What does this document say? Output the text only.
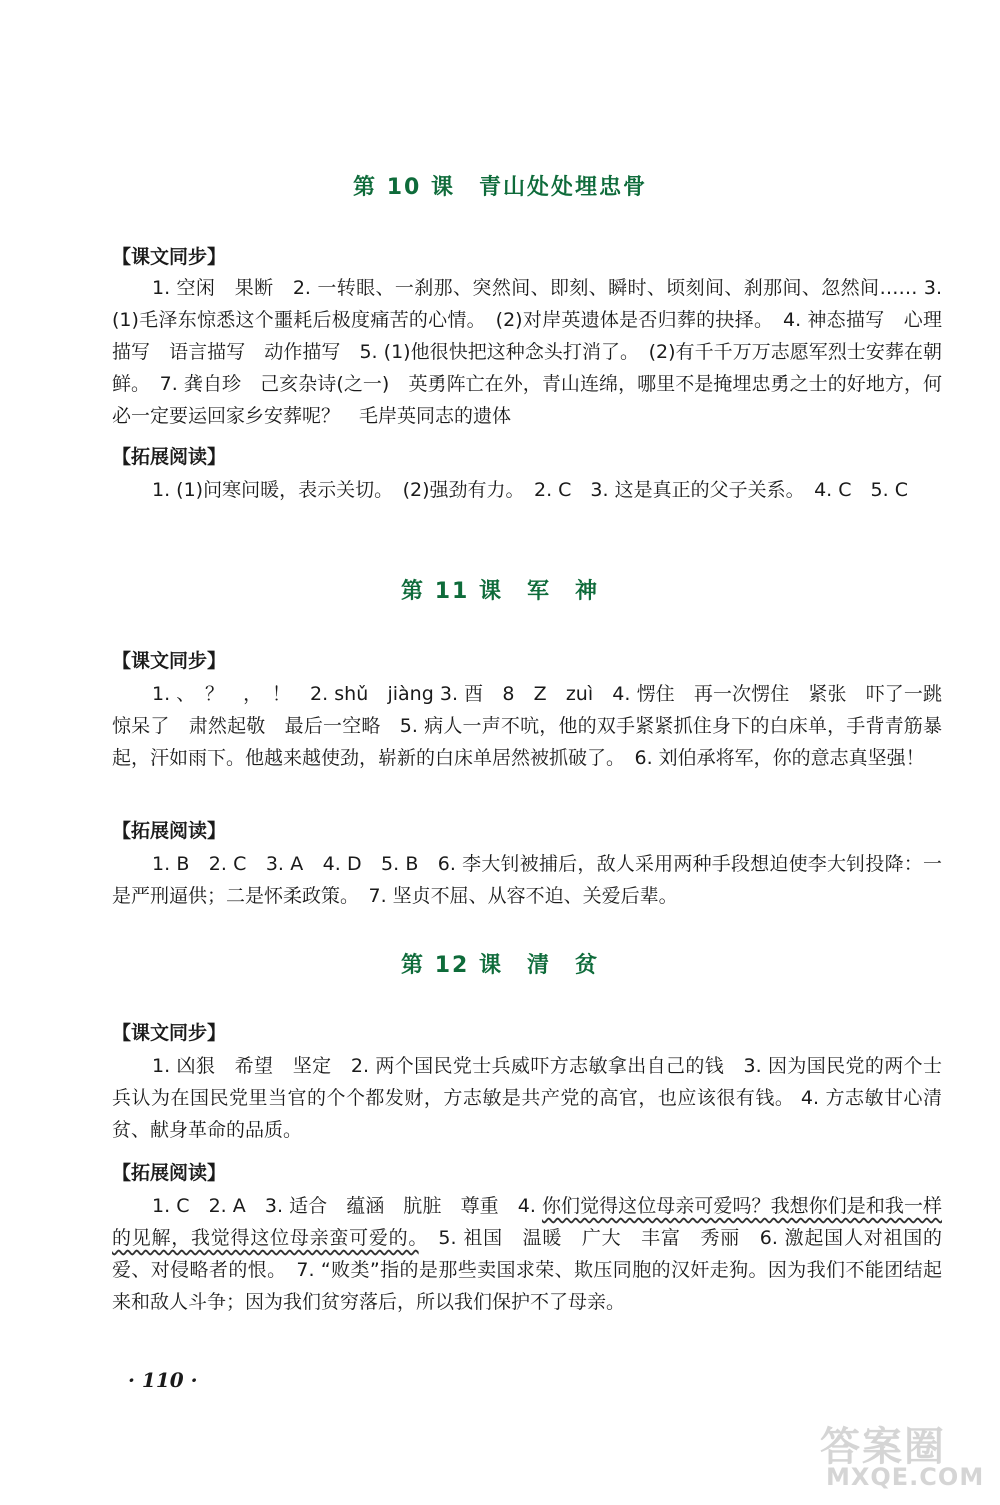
第 10 课　青山处处埋忠骨
【课文同步】
1. 空闲　果断　2. 一转眼、一刹那、突然间、即刻、瞬时、顷刻间、刹那间、忽然间…… 3. (1)毛泽东惊悉这个噩耗后极度痛苦的心情。　(2)对岸英遗体是否归葬的抉择。　4. 神态描写　心理描写　语言描写　动作描写　5. (1)他很快把这种念头打消了。　(2)有千千万万志愿军烈士安葬在朝鲜。　7. 龚自珍　己亥杂诗(之一)　英勇阵亡在外，青山连绵，哪里不是掩埋忠勇之士的好地方，何必一定要运回家乡安葬呢？　毛岸英同志的遗体
【拓展阅读】
1. (1)问寒问暖，表示关切。　(2)强劲有力。　2. C　3. 这是真正的父子关系。　4. C　5. C
第 11 课　军　神
【课文同步】
1. 、　？　，　！　2. shǔ　jiàng 3. 酉　8　Z　zuì　4. 愣住　再一次愣住　紧张　吓了一跳　惊呆了　肃然起敬　最后一空略　5. 病人一声不吭，他的双手紧紧抓住身下的白床单，手背青筋暴起，汗如雨下。他越来越使劲，崭新的白床单居然被抓破了。　6. 刘伯承将军，你的意志真坚强！
【拓展阅读】
1. B　2. C　3. A　4. D　5. B　6. 李大钊被捕后，敌人采用两种手段想迫使李大钊投降：一是严刑逼供；二是怀柔政策。　7. 坚贞不屈、从容不迫、关爱后辈。
第 12 课　清　贫
【课文同步】
1. 凶狠　希望　坚定　2. 两个国民党士兵威吓方志敏拿出自己的钱　3. 因为国民党的两个士兵认为在国民党里当官的个个都发财，方志敏是共产党的高官，也应该很有钱。 4. 方志敏甘心清贫、献身革命的品质。
【拓展阅读】
1. C　2. A　3. 适合　蕴涵　肮脏　尊重　4. 你们觉得这位母亲可爱吗？我想你们是和我一样的见解，我觉得这位母亲蛮可爱的。　5. 祖国　温暖　广大　丰富　秀丽　6. 激起国人对祖国的爱、对侵略者的恨。　7. “败类”指的是那些卖国求荣、欺压同胞的汉奸走狗。因为我们不能团结起来和敌人斗争；因为我们贫穷落后，所以我们保护不了母亲。
· 110 ·
答案圈
MXQE.COM
